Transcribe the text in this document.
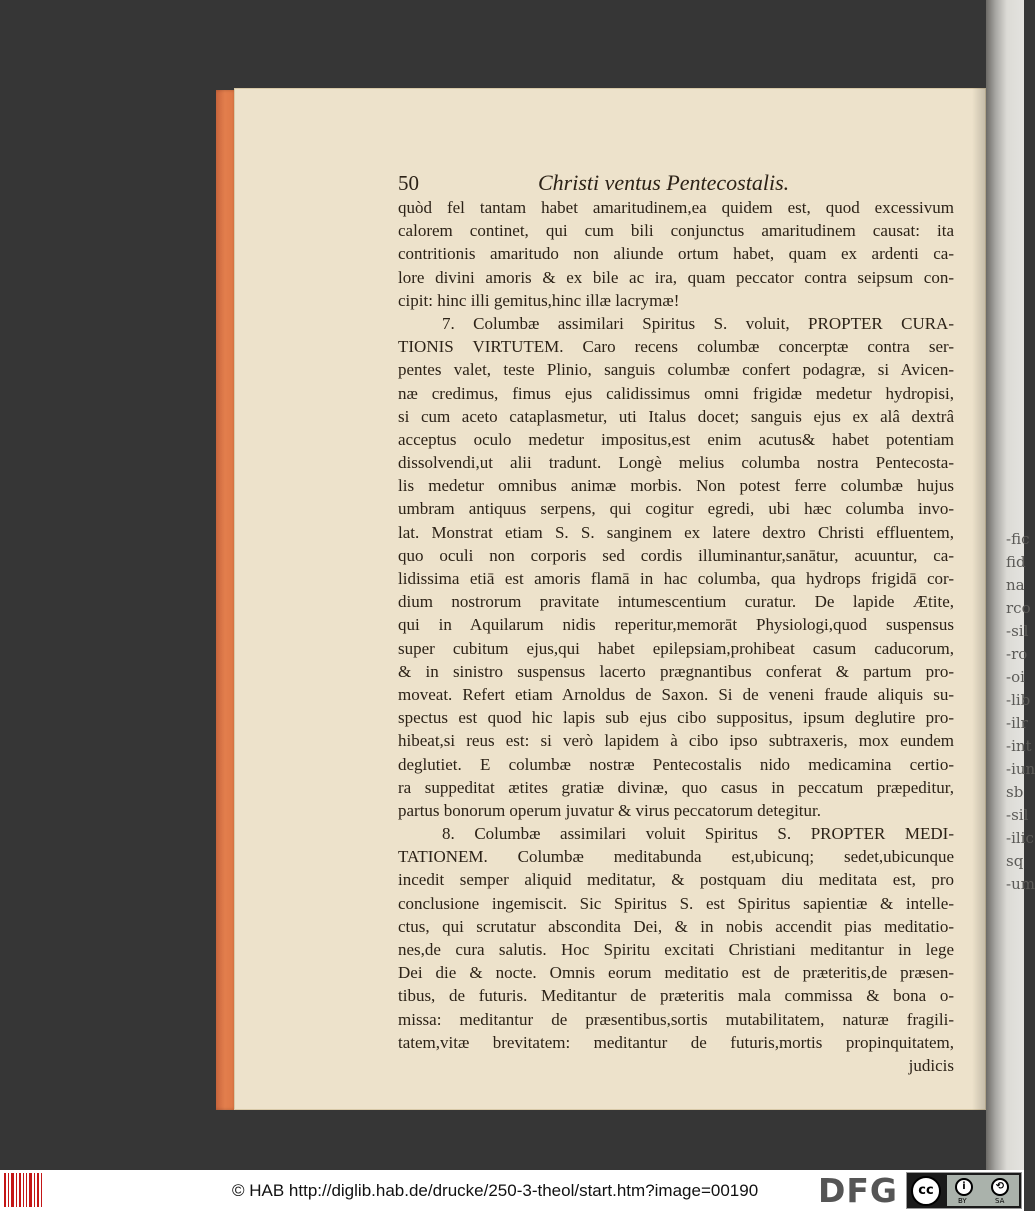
50	Christi ventus Pentecostalis.
quòd fel tantam habet amaritudinem,ea quidem est, quod excessivum
calorem continet, qui cum bili conjunctus amaritudinem causat: ita
contritionis amaritudo non aliunde ortum habet, quam ex ardenti ca-
lore divini amoris & ex bile ac ira, quam peccator contra seipsum con-
cipit: hinc illi gemitus,hinc illæ lacrymæ!
7. Columbæ assimilari Spiritus S. voluit, PROPTER CURA-
TIONIS VIRTUTEM. Caro recens columbæ concerptæ contra ser-
pentes valet, teste Plinio, sanguis columbæ confert podagræ, si Avicen-
næ credimus, fimus ejus calidissimus omni frigidæ medetur hydropisi,
si cum aceto cataplasmetur, uti Italus docet; sanguis ejus ex alâ dextrâ
acceptus oculo medetur impositus,est enim acutus& habet potentiam
dissolvendi,ut alii tradunt. Longè melius columba nostra Pentecosta-
lis medetur omnibus animæ morbis. Non potest ferre columbæ hujus
umbram antiquus serpens, qui cogitur egredi, ubi hæc columba invo-
lat. Monstrat etiam S. S. sanginem ex latere dextro Christi effluentem,
quo oculi non corporis sed cordis illuminantur,sanātur, acuuntur, ca-
lidissima etiā est amoris flamā in hac columba, qua hydrops frigidā cor-
dium nostrorum pravitate intumescentium curatur. De lapide Ætite,
qui in Aquilarum nidis reperitur,memorāt Physiologi,quod suspensus
super cubitum ejus,qui habet epilepsiam,prohibeat casum caducorum,
& in sinistro suspensus lacerto prægnantibus conferat & partum pro-
moveat. Refert etiam Arnoldus de Saxon. Si de veneni fraude aliquis su-
spectus est quod hic lapis sub ejus cibo suppositus, ipsum deglutire pro-
hibeat,si reus est: si verò lapidem à cibo ipso subtraxeris, mox eundem
deglutiet. E columbæ nostræ Pentecostalis nido medicamina certio-
ra suppeditat ætites gratiæ divinæ, quo casus in peccatum præpeditur,
partus bonorum operum juvatur & virus peccatorum detegitur.
8. Columbæ assimilari voluit Spiritus S. PROPTER MEDI-
TATIONEM. Columbæ meditabunda est,ubicunq; sedet,ubicunque
incedit semper aliquid meditatur, & postquam diu meditata est, pro
conclusione ingemiscit. Sic Spiritus S. est Spiritus sapientiæ & intelle-
ctus, qui scrutatur abscondita Dei, & in nobis accendit pias meditatio-
nes,de cura salutis. Hoc Spiritu excitati Christiani meditantur in lege
Dei die & nocte. Omnis eorum meditatio est de præteritis,de præsen-
tibus, de futuris. Meditantur de præteritis mala commissa & bona o-
missa: meditantur de præsentibus,sortis mutabilitatem, naturæ fragili-
tatem,vitæ brevitatem: meditantur de futuris,mortis propinquitatem,
judicis
-fic
fid
na
rco
-sil
-ro
-oi
-lib
-ilr
-int
-iun
sb
-sil
-ilic
sq
-um
© HAB http://diglib.hab.de/drucke/250-3-theol/start.htm?image=00190 DFG	cc	i	⟲
BY	SA
